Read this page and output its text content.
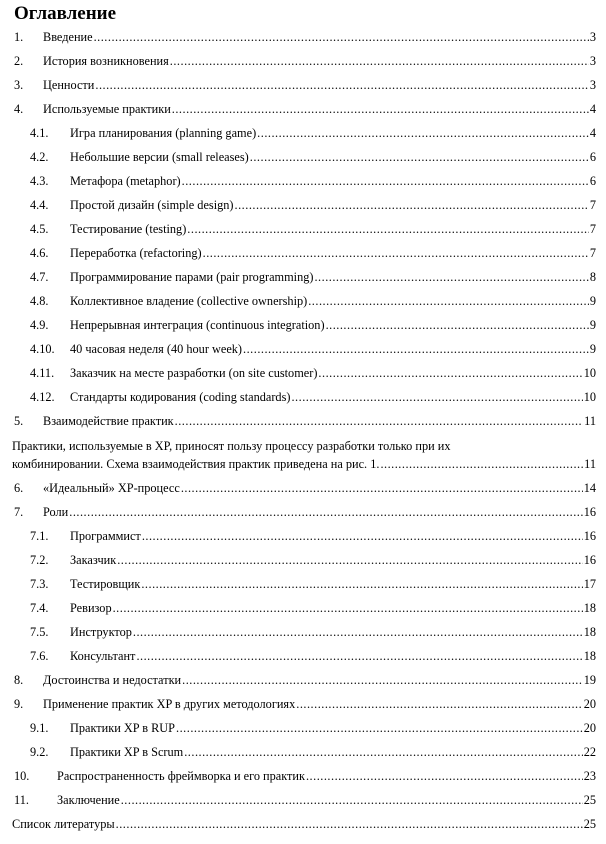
Оглавление
1.	Введение .....	3
2.	История возникновения .....	3
3.	Ценности .....	3
4.	Используемые практики .....	4
4.1.	Игра планирования (planning game) .....	4
4.2.	Небольшие версии (small releases) .....	6
4.3.	Метафора (metaphor) .....	6
4.4.	Простой дизайн (simple design) .....	7
4.5.	Тестирование (testing) .....	7
4.6.	Переработка (refactoring) .....	7
4.7.	Программирование парами (pair programming) .....	8
4.8.	Коллективное владение (collective ownership) .....	9
4.9.	Непрерывная интеграция (continuous integration) .....	9
4.10.	40 часовая неделя (40 hour week) .....	9
4.11.	Заказчик на месте разработки (on site customer) .....	10
4.12.	Стандарты кодирования (coding standards) .....	10
5.	Взаимодействие практик .....	11
Практики, используемые в XP, приносят пользу процессу разработки только при их
комбинировании. Схема взаимодействия практик приведена на рис. 1. .....	11
6.	«Идеальный» XP-процесс .....	14
7.	Роли .....	16
7.1.	Программист .....	16
7.2.	Заказчик .....	16
7.3.	Тестировщик .....	17
7.4.	Ревизор .....	18
7.5.	Инструктор .....	18
7.6.	Консультант .....	18
8.	Достоинства и недостатки .....	19
9.	Применение практик XP в других методологиях .....	20
9.1.	Практики XP в RUP .....	20
9.2.	Практики XP в Scrum .....	22
10.	Распространенность фреймворка и его практик .....	23
11.	Заключение .....	25
Список литературы .....	25
